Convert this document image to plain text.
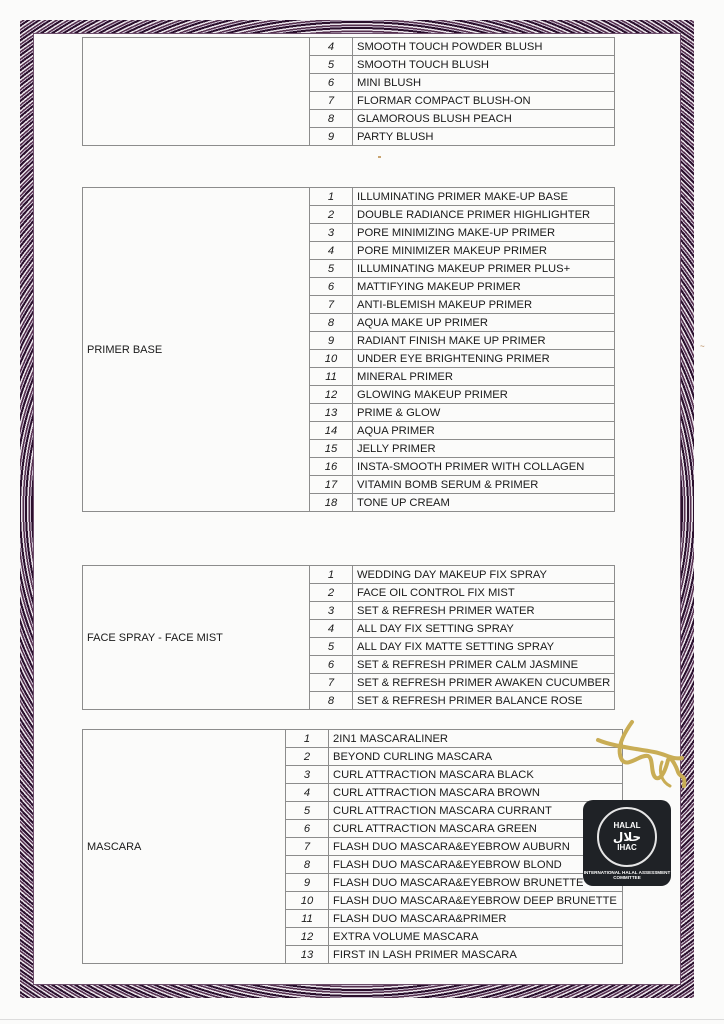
~
	4	SMOOTH TOUCH POWDER BLUSH
	5	SMOOTH TOUCH BLUSH
	6	MINI BLUSH
	7	FLORMAR COMPACT BLUSH-ON
	8	GLAMOROUS BLUSH PEACH
	9	PARTY BLUSH
PRIMER BASE	1	ILLUMINATING PRIMER MAKE-UP BASE
	2	DOUBLE RADIANCE PRIMER HIGHLIGHTER
	3	PORE MINIMIZING MAKE-UP PRIMER
	4	PORE MINIMIZER MAKEUP PRIMER
	5	ILLUMINATING MAKEUP PRIMER PLUS+
	6	MATTIFYING MAKEUP PRIMER
	7	ANTI-BLEMISH MAKEUP PRIMER
	8	AQUA MAKE UP PRIMER
	9	RADIANT FINISH MAKE UP PRIMER
	10	UNDER EYE BRIGHTENING PRIMER
	11	MINERAL PRIMER
	12	GLOWING MAKEUP PRIMER
	13	PRIME & GLOW
	14	AQUA PRIMER
	15	JELLY PRIMER
	16	INSTA-SMOOTH PRIMER WITH COLLAGEN
	17	VITAMIN BOMB SERUM & PRIMER
	18	TONE UP CREAM
FACE SPRAY - FACE MIST	1	WEDDING DAY MAKEUP FIX SPRAY
	2	FACE OIL CONTROL FIX MIST
	3	SET & REFRESH PRIMER WATER
	4	ALL DAY FIX SETTING SPRAY
	5	ALL DAY FIX MATTE SETTING SPRAY
	6	SET & REFRESH PRIMER CALM JASMINE
	7	SET & REFRESH PRIMER AWAKEN CUCUMBER
	8	SET & REFRESH PRIMER BALANCE ROSE
MASCARA	1	2IN1 MASCARALINER
	2	BEYOND CURLING MASCARA
	3	CURL ATTRACTION MASCARA BLACK
	4	CURL ATTRACTION MASCARA BROWN
	5	CURL ATTRACTION MASCARA CURRANT
	6	CURL ATTRACTION MASCARA GREEN
	7	FLASH DUO MASCARA&EYEBROW AUBURN
	8	FLASH DUO MASCARA&EYEBROW BLOND
	9	FLASH DUO MASCARA&EYEBROW BRUNETTE
	10	FLASH DUO MASCARA&EYEBROW DEEP BRUNETTE
	11	FLASH DUO MASCARA&PRIMER
	12	EXTRA VOLUME MASCARA
	13	FIRST IN LASH PRIMER MASCARA
HALAL
حلال
IHAC
INTERNATIONAL HALAL ASSESSMENT COMMITTEE
